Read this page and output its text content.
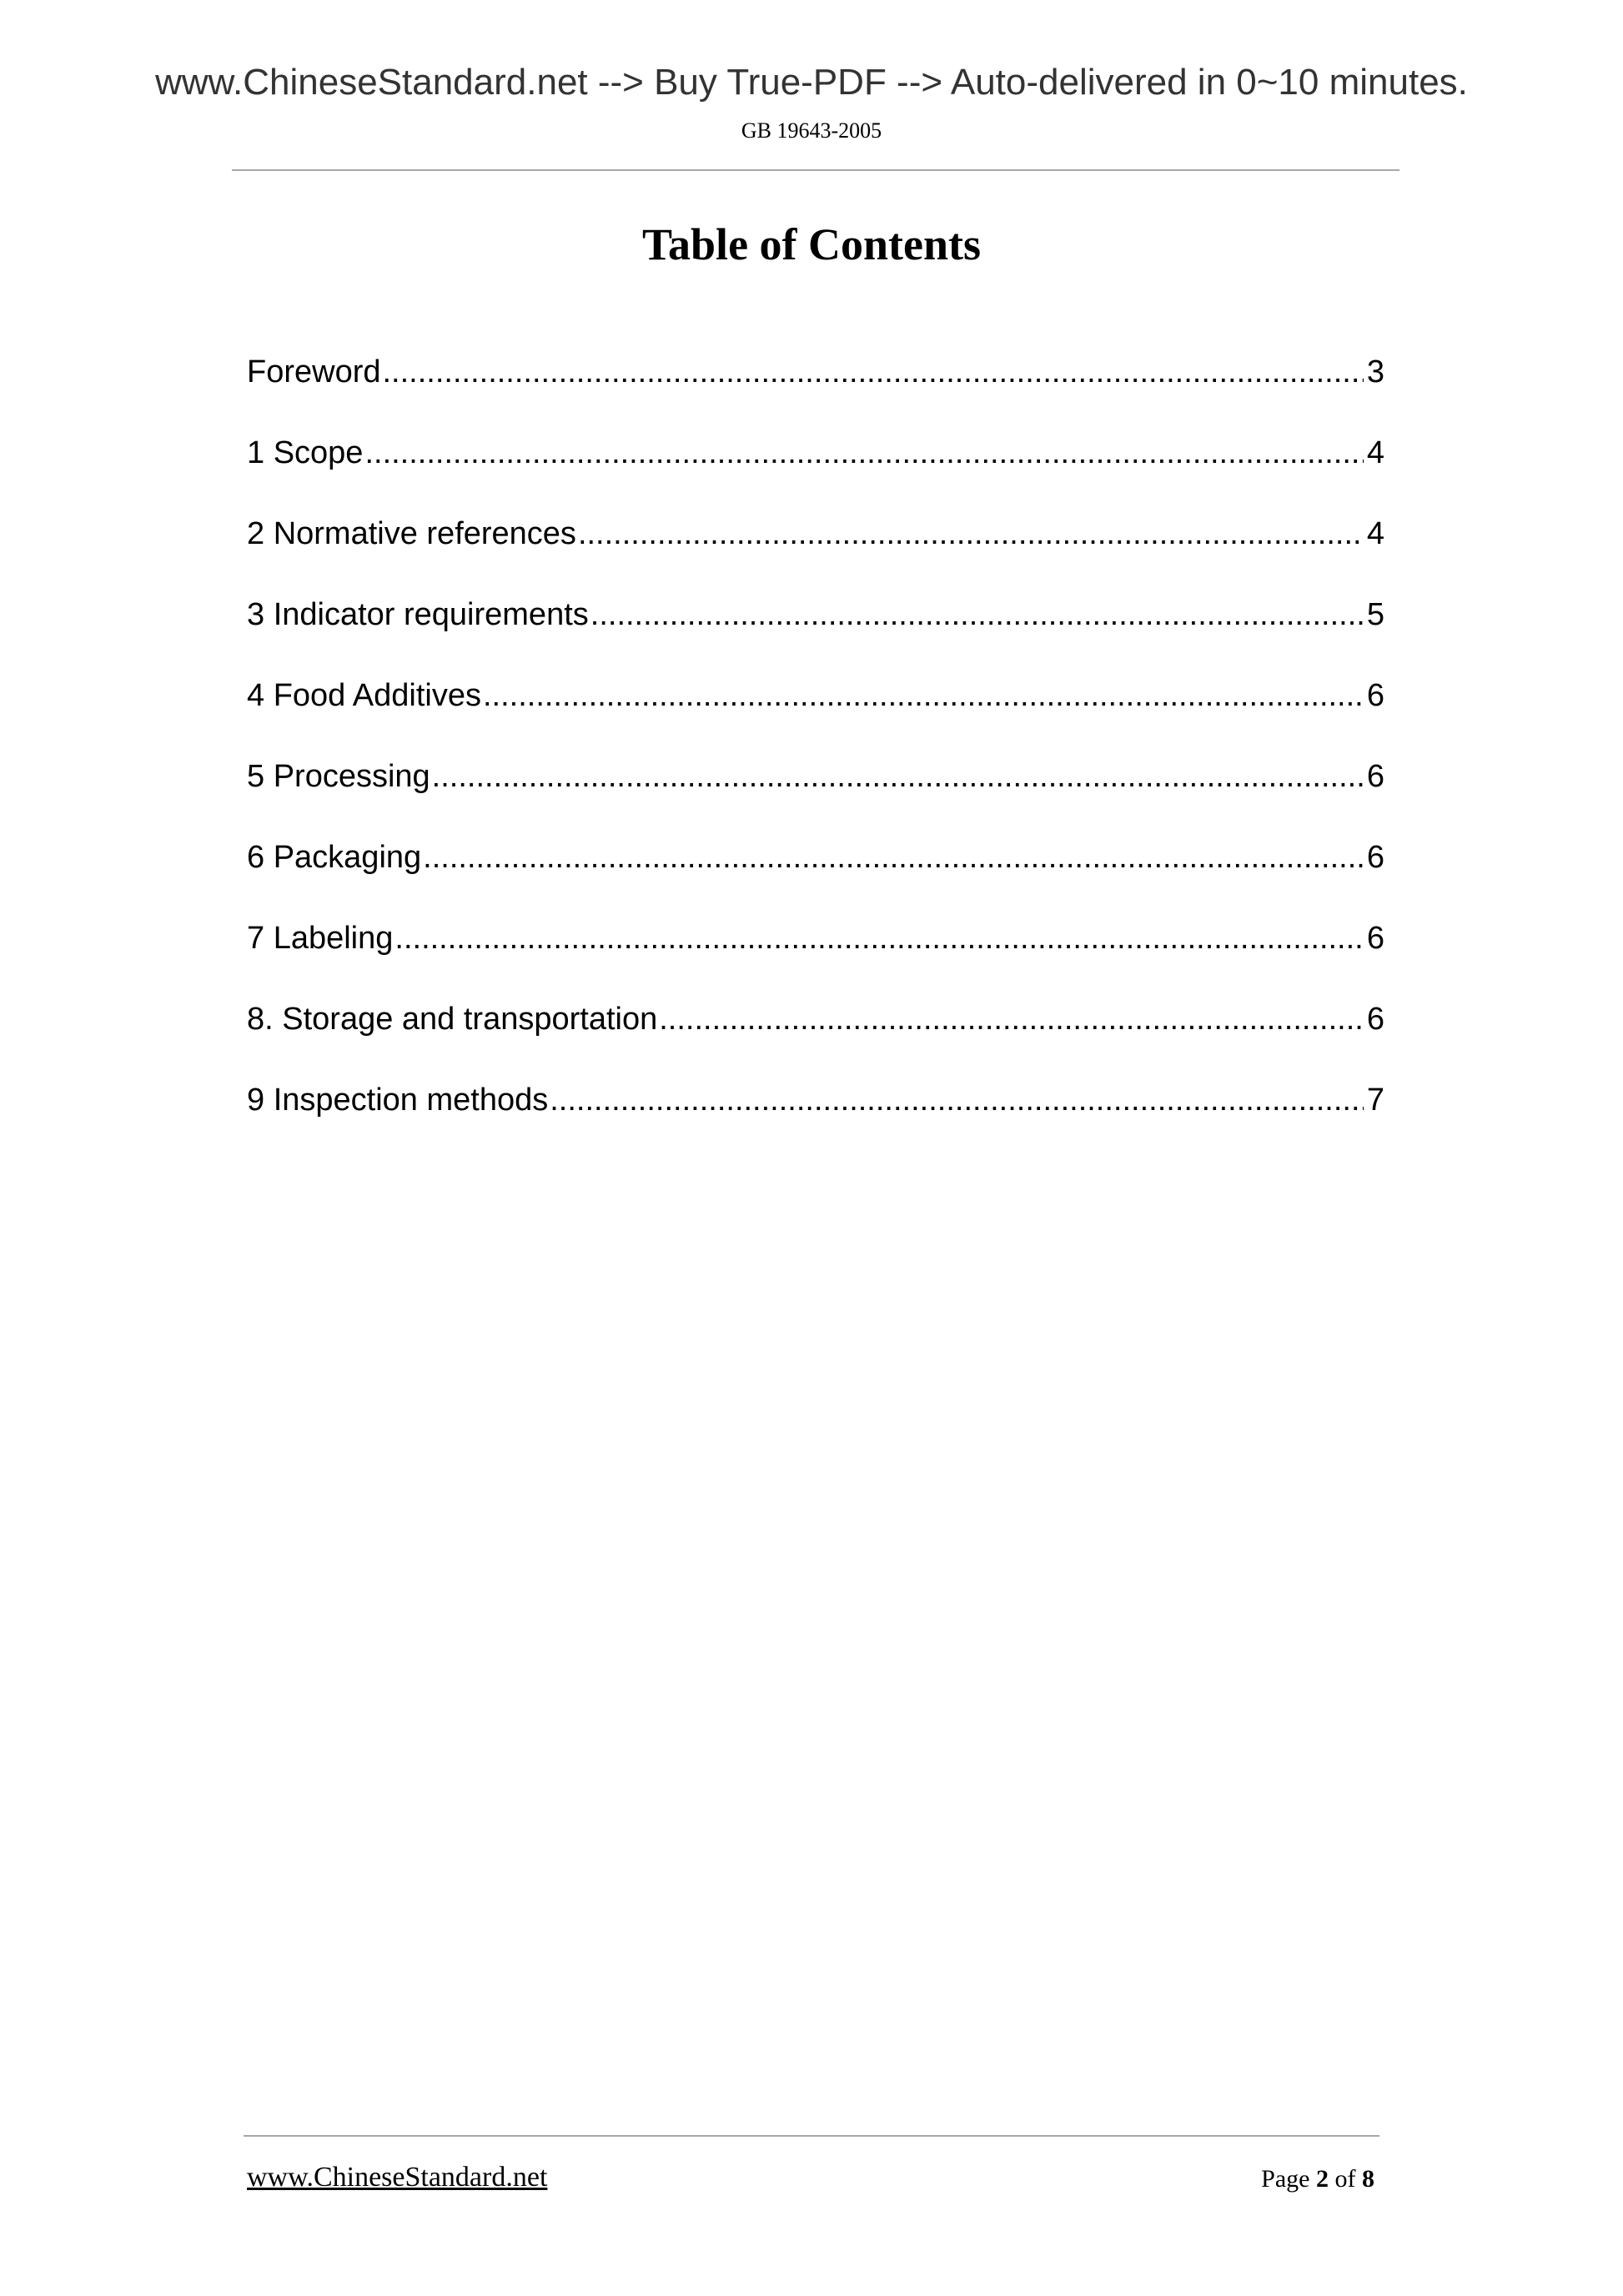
www.ChineseStandard.net --> Buy True-PDF --> Auto-delivered in 0~10 minutes.
GB 19643-2005
Table of Contents
Foreword .....	3
1 Scope .....	4
2 Normative references .....	4
3 Indicator requirements .....	5
4 Food Additives .....	6
5 Processing .....	6
6 Packaging .....	6
7 Labeling .....	6
8. Storage and transportation .....	6
9 Inspection methods .....	7
www.ChineseStandard.net	Page 2 of 8
